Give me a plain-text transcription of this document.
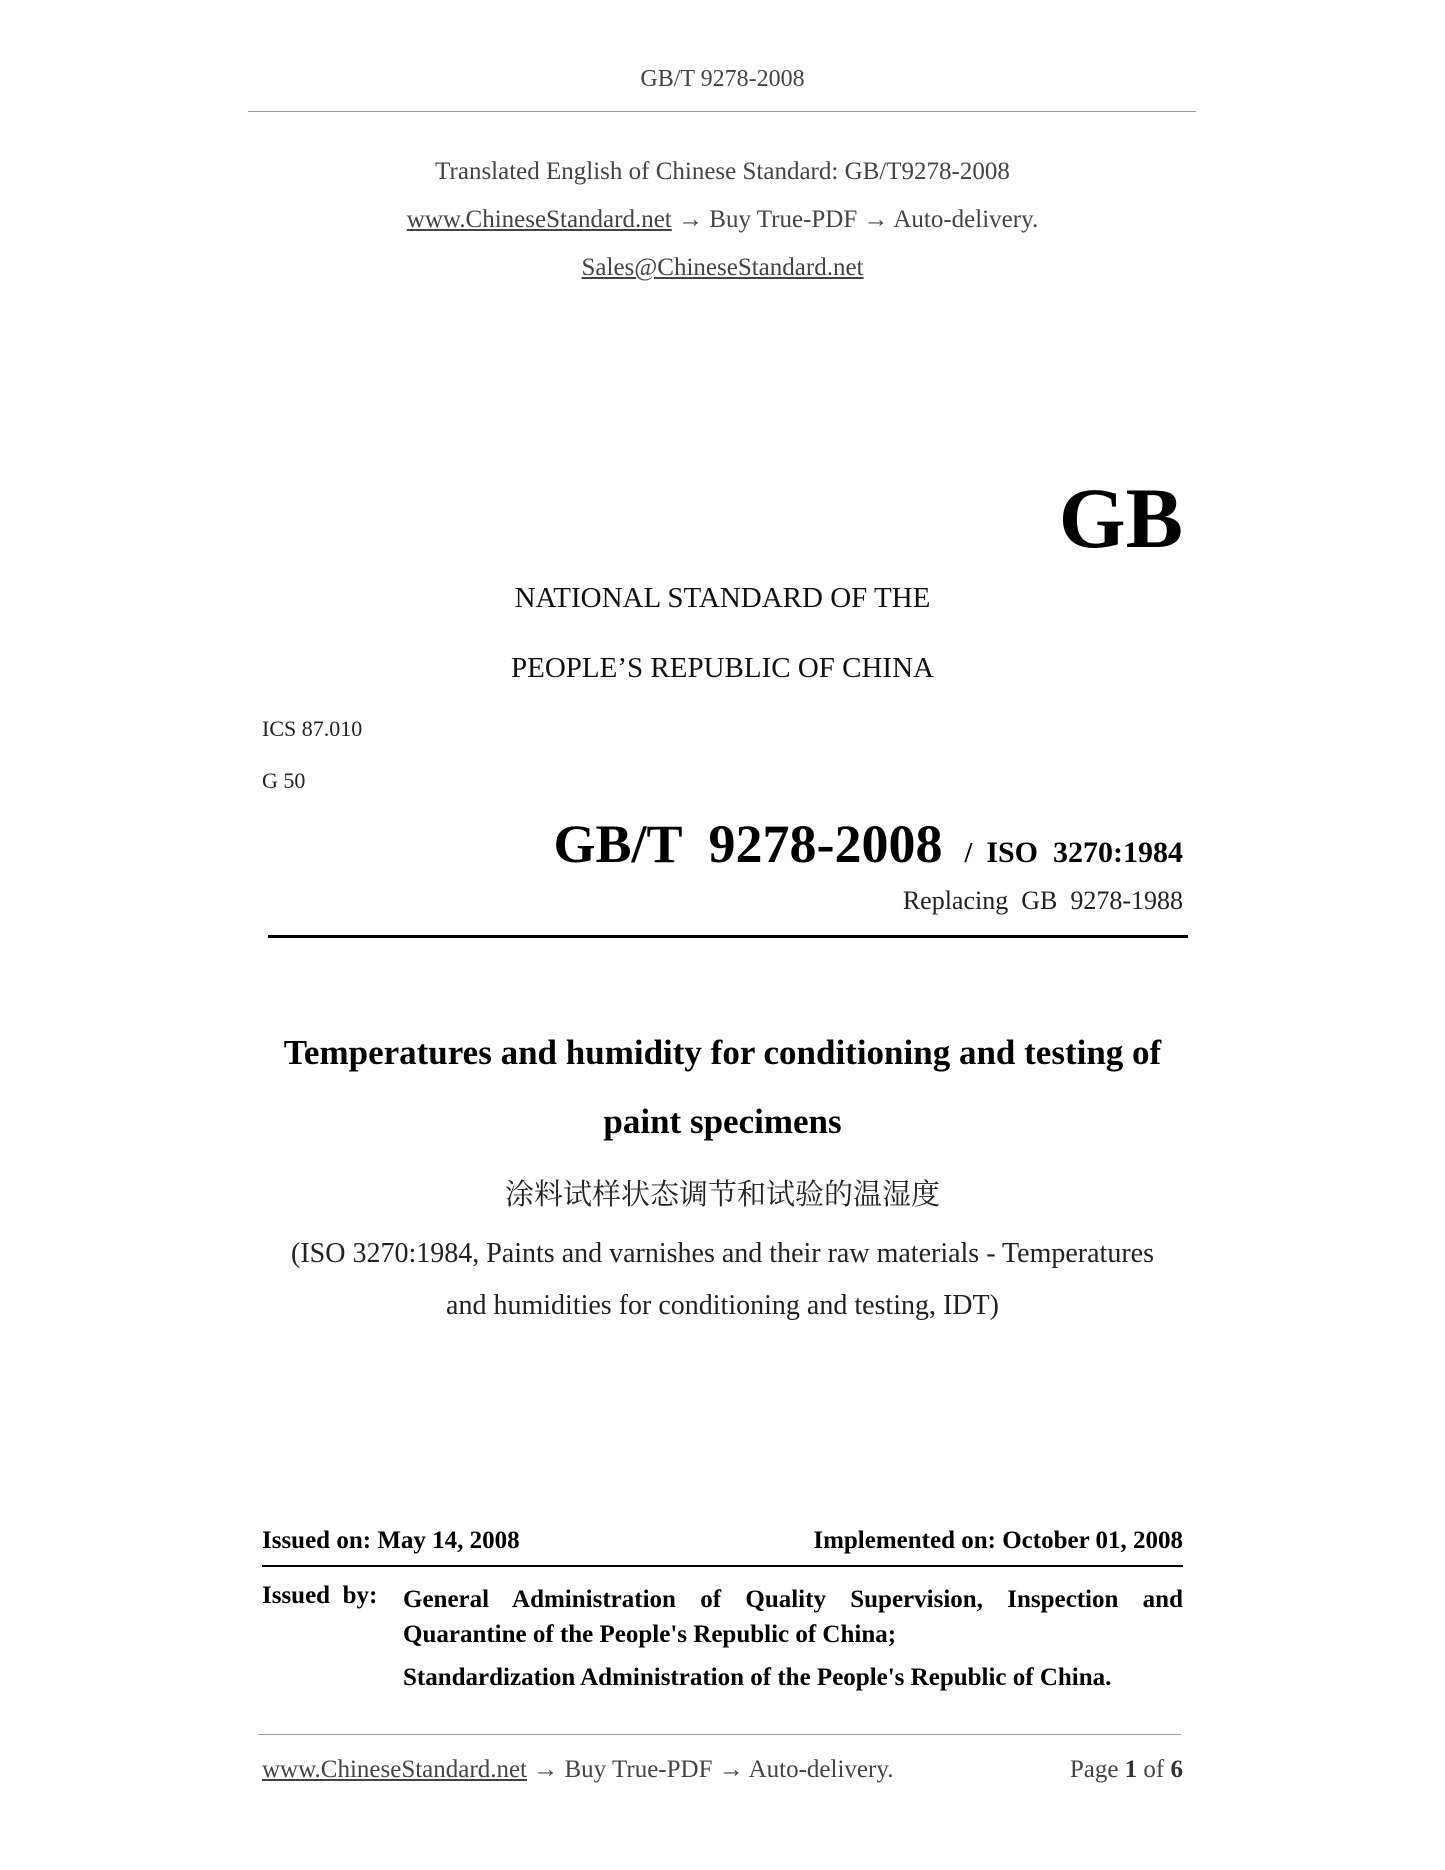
GB/T 9278-2008
Translated English of Chinese Standard: GB/T9278-2008
www.ChineseStandard.net → Buy True-PDF → Auto-delivery.
Sales@ChineseStandard.net
GB
NATIONAL STANDARD OF THE
PEOPLE’S REPUBLIC OF CHINA
ICS 87.010
G 50
GB/T  9278-2008 / ISO  3270:1984
Replacing  GB  9278-1988
Temperatures and humidity for conditioning and testing of
paint specimens
涂料试样状态调节和试验的温湿度
(ISO 3270:1984, Paints and varnishes and their raw materials - Temperatures
and humidities for conditioning and testing, IDT)
Issued on: May 14, 2008	Implemented on: October 01, 2008
Issued  by: General Administration of Quality Supervision, Inspection and
Quarantine of the People's Republic of China;
Standardization Administration of the People's Republic of China.
www.ChineseStandard.net → Buy True-PDF → Auto-delivery.	Page 1 of 6
